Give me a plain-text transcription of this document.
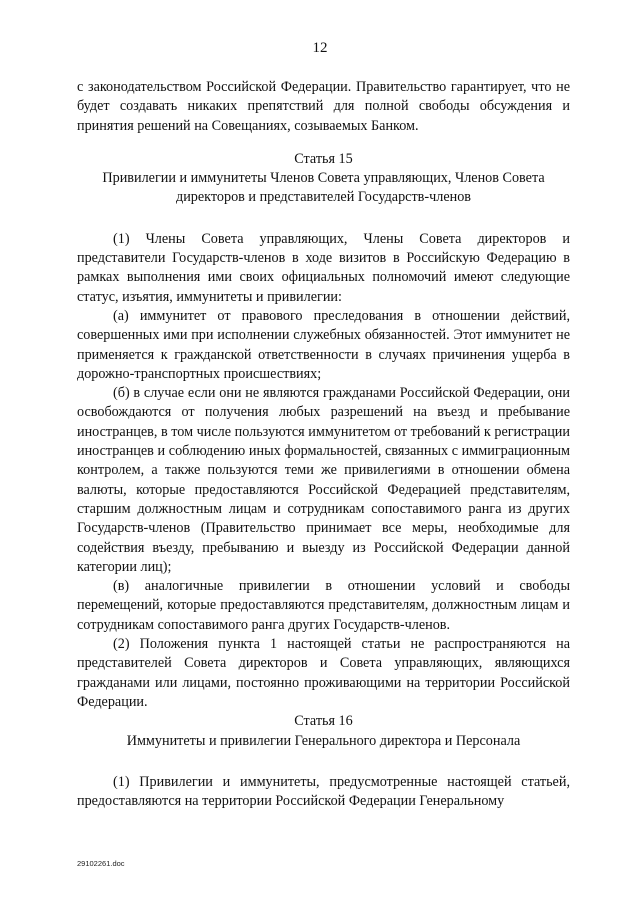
12

с законодательством Российской Федерации. Правительство гарантирует, что не будет создавать никаких препятствий для полной свободы обсуждения и принятия решений на Совещаниях, созываемых Банком.

Статья 15

Привилегии и иммунитеты Членов Совета управляющих, Членов Совета директоров и представителей Государств-членов

(1) Члены Совета управляющих, Члены Совета директоров и представители Государств-членов в ходе визитов в Российскую Федерацию в рамках выполнения ими своих официальных полномочий имеют следующие статус, изъятия, иммунитеты и привилегии:

(а) иммунитет от правового преследования в отношении действий, совершенных ими при исполнении служебных обязанностей. Этот иммунитет не применяется к гражданской ответственности в случаях причинения ущерба в дорожно-транспортных происшествиях;

(б) в случае если они не являются гражданами Российской Федерации, они освобождаются от получения любых разрешений на въезд и пребывание иностранцев, в том числе пользуются иммунитетом от требований к регистрации иностранцев и соблюдению иных формальностей, связанных с иммиграционным контролем, а также пользуются теми же привилегиями в отношении обмена валюты, которые предоставляются Российской Федерацией представителям, старшим должностным лицам и сотрудникам сопоставимого ранга из других Государств-членов (Правительство принимает все меры, необходимые для содействия въезду, пребыванию и выезду из Российской Федерации данной категории лиц);

(в) аналогичные привилегии в отношении условий и свободы перемещений, которые предоставляются представителям, должностным лицам и сотрудникам сопоставимого ранга других Государств-членов.

(2) Положения пункта 1 настоящей статьи не распространяются на представителей Совета директоров и Совета управляющих, являющихся гражданами или лицами, постоянно проживающими на территории Российской Федерации.

Статья 16

Иммунитеты и привилегии Генерального директора и Персонала

(1) Привилегии и иммунитеты, предусмотренные настоящей статьей, предоставляются на территории Российской Федерации Генеральному

29102261.doc
